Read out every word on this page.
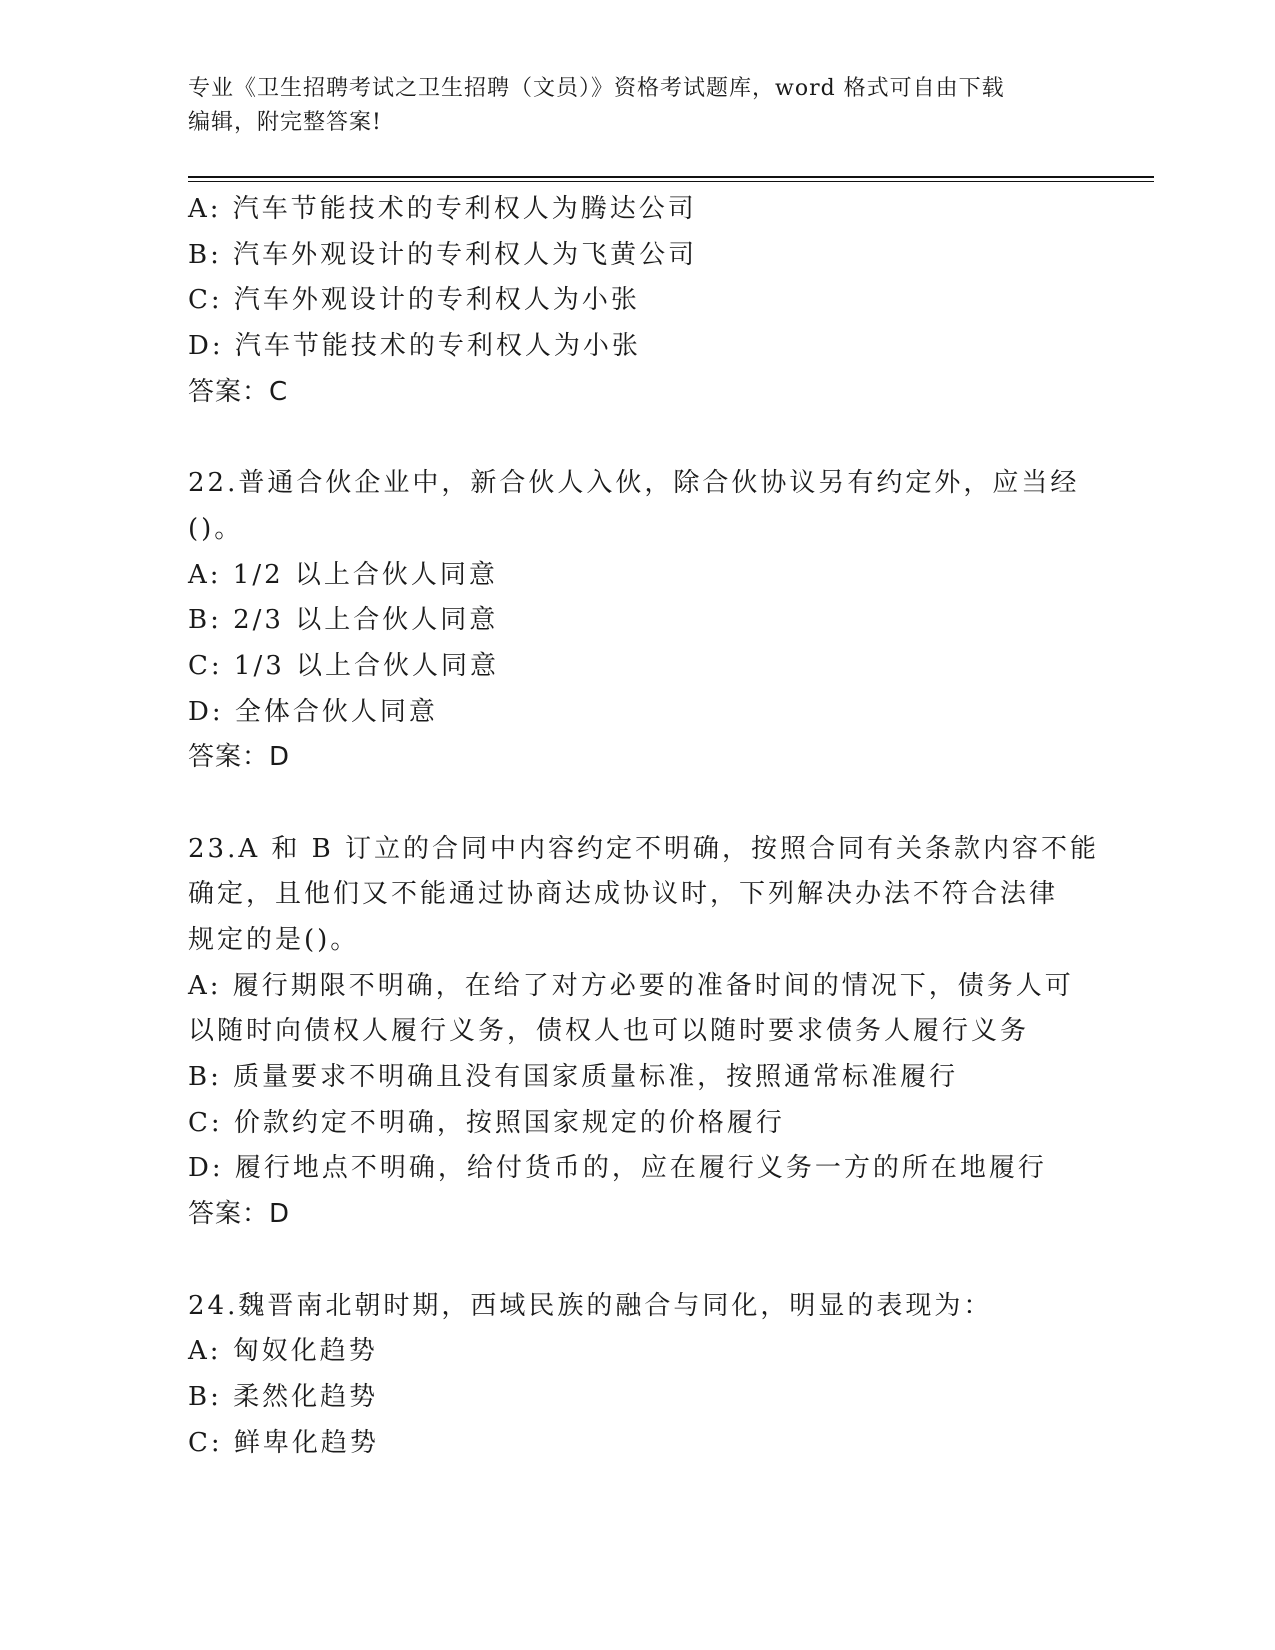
专业《卫生招聘考试之卫生招聘（文员）》资格考试题库，word 格式可自由下载
编辑，附完整答案!
A: 汽车节能技术的专利权人为腾达公司
B: 汽车外观设计的专利权人为飞黄公司
C: 汽车外观设计的专利权人为小张
D: 汽车节能技术的专利权人为小张
答案：C
22.普通合伙企业中，新合伙人入伙，除合伙协议另有约定外，应当经
()。
A: 1/2 以上合伙人同意
B: 2/3 以上合伙人同意
C: 1/3 以上合伙人同意
D: 全体合伙人同意
答案：D
23.A 和 B 订立的合同中内容约定不明确，按照合同有关条款内容不能
确定，且他们又不能通过协商达成协议时，下列解决办法不符合法律
规定的是()。
A: 履行期限不明确，在给了对方必要的准备时间的情况下，债务人可
以随时向债权人履行义务，债权人也可以随时要求债务人履行义务
B: 质量要求不明确且没有国家质量标准，按照通常标准履行
C: 价款约定不明确，按照国家规定的价格履行
D: 履行地点不明确，给付货币的，应在履行义务一方的所在地履行
答案：D
24.魏晋南北朝时期，西域民族的融合与同化，明显的表现为：
A: 匈奴化趋势
B: 柔然化趋势
C: 鲜卑化趋势
